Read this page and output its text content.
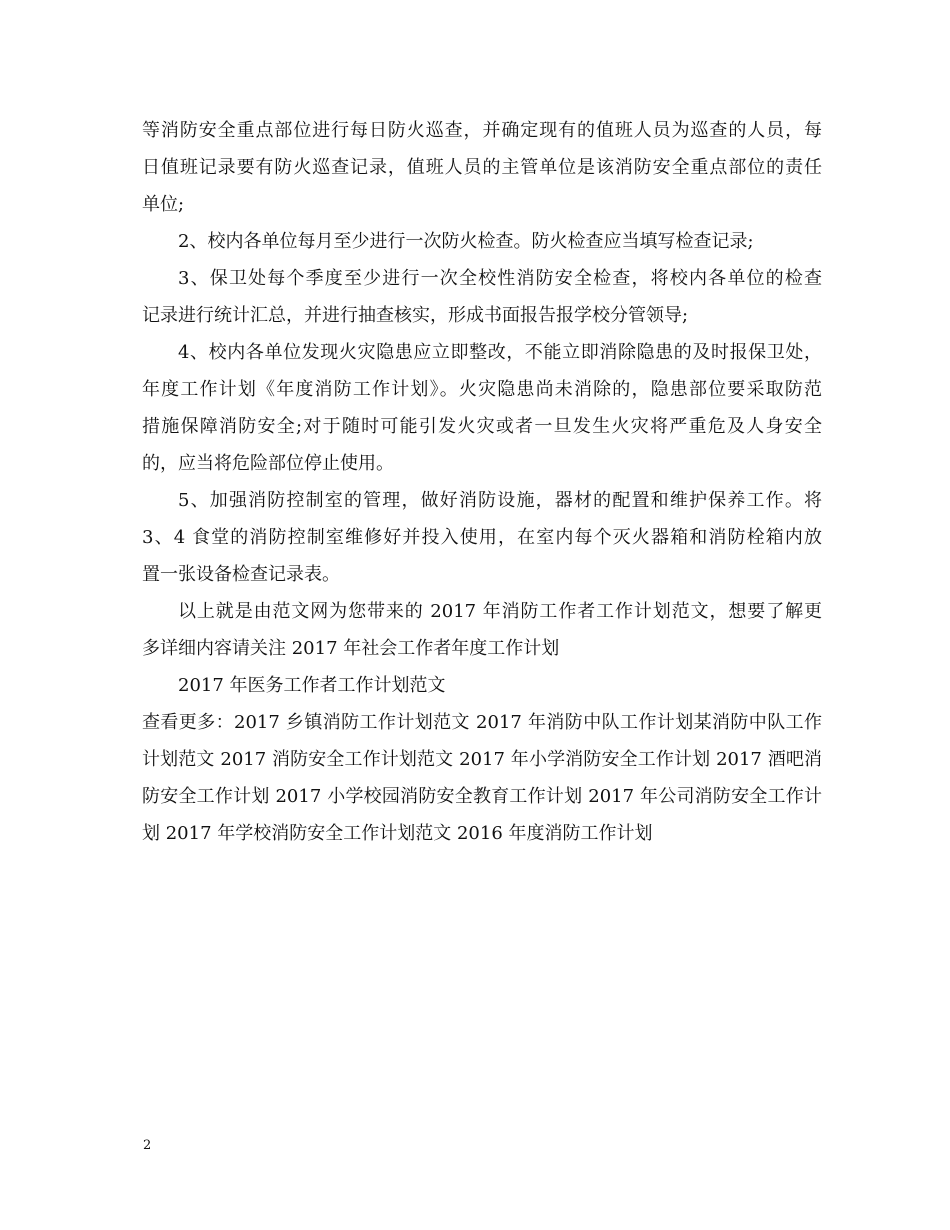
等消防安全重点部位进行每日防火巡查，并确定现有的值班人员为巡查的人员，每
日值班记录要有防火巡查记录，值班人员的主管单位是该消防安全重点部位的责任
单位;
2、校内各单位每月至少进行一次防火检查。防火检查应当填写检查记录;
3、保卫处每个季度至少进行一次全校性消防安全检查，将校内各单位的检查
记录进行统计汇总，并进行抽查核实，形成书面报告报学校分管领导;
4、校内各单位发现火灾隐患应立即整改，不能立即消除隐患的及时报保卫处，
年度工作计划《年度消防工作计划》。火灾隐患尚未消除的，隐患部位要采取防范
措施保障消防安全;对于随时可能引发火灾或者一旦发生火灾将严重危及人身安全
的，应当将危险部位停止使用。
5、加强消防控制室的管理，做好消防设施，器材的配置和维护保养工作。将
3、4 食堂的消防控制室维修好并投入使用，在室内每个灭火器箱和消防栓箱内放
置一张设备检查记录表。
以上就是由范文网为您带来的 2017 年消防工作者工作计划范文，想要了解更
多详细内容请关注 2017 年社会工作者年度工作计划
2017 年医务工作者工作计划范文
查看更多：2017 乡镇消防工作计划范文 2017 年消防中队工作计划某消防中队工作
计划范文 2017 消防安全工作计划范文 2017 年小学消防安全工作计划 2017 酒吧消
防安全工作计划 2017 小学校园消防安全教育工作计划 2017 年公司消防安全工作计
划 2017 年学校消防安全工作计划范文 2016 年度消防工作计划
2
